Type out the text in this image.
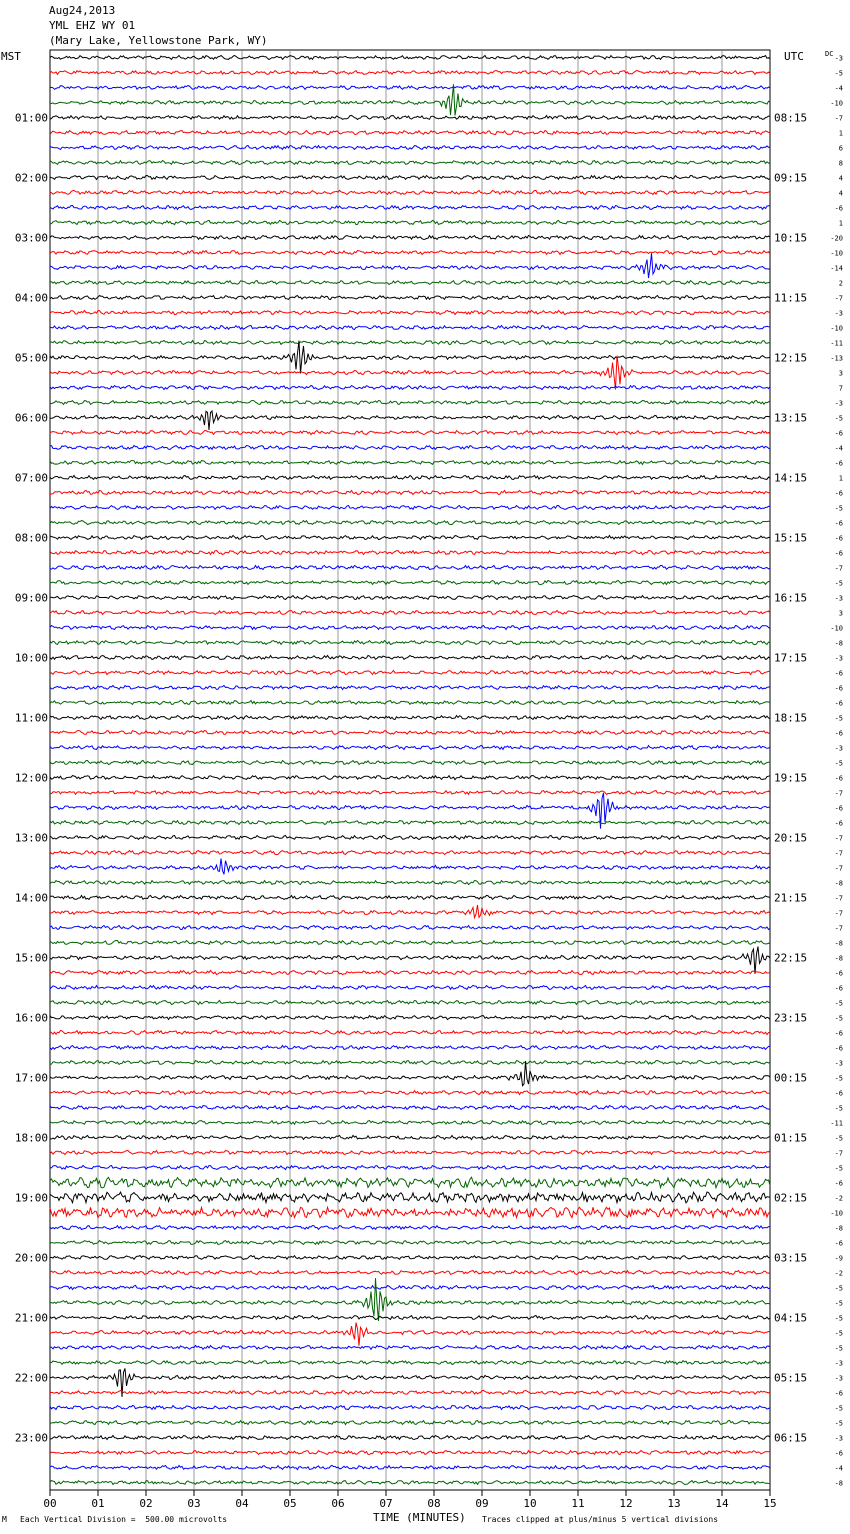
Aug24,2013
YML EHZ WY 01
(Mary Lake, Yellowstone Park, WY)
MST	UTC
00	01	02	03	04	05	06	07	08	09	10	11	12	13	14	15
-3
-5
-4
-10
-7
1
6
8
4
4
-6
1
-20
-10
-14
2
-7
-3
-10
-11
-13
3
7
-3
-5
-6
-4
-6
1
-6
-5
-6
-6
-6
-7
-5
-3
3
-10
-8
-3
-6
-6
-6
-5
-6
-3
-5
-6
-7
-6
-6
-7
-7
-7
-8
-7
-7
-7
-8
-8
-6
-6
-5
-5
-6
-6
-3
-5
-6
-5
-11
-5
-7
-5
-6
-2
-10
-8
-6
-9
-2
-5
-5
-5
-5
-5
-3
-3
-6
-5
-5
-3
-6
-4
-8
DC
01:00
02:00
03:00
04:00
05:00
06:00
07:00
08:00
09:00
10:00
11:00
12:00
13:00
14:00
15:00
16:00
17:00
18:00
19:00
20:00
21:00
22:00
23:00
08:15
09:15
10:15
11:15
12:15
13:15
14:15
15:15
16:15
17:15
18:15
19:15
20:15
21:15
22:15
23:15
00:15
01:15
02:15
03:15
04:15
05:15
06:15
M Each Vertical Division =  500.00 microvolts	TIME (MINUTES) Traces clipped at plus/minus 5 vertical divisions
